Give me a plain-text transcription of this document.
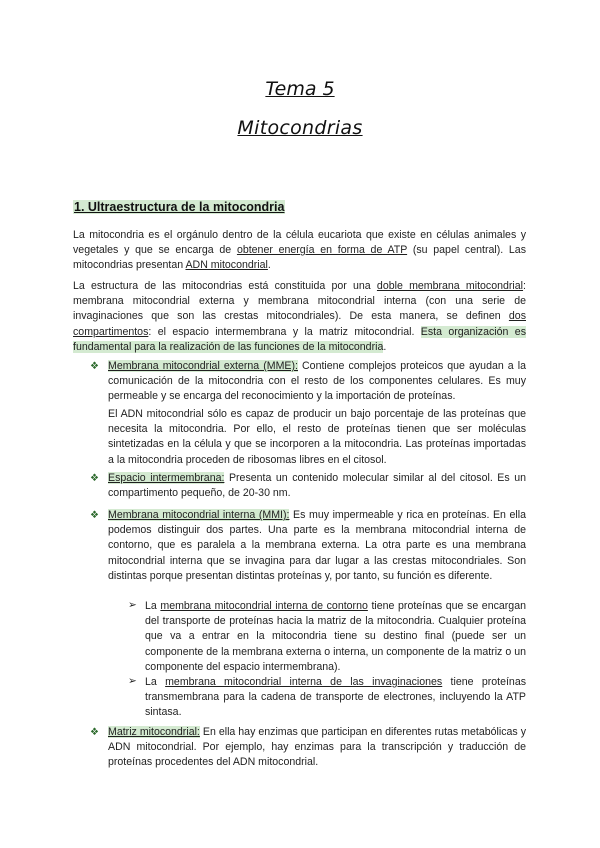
Tema 5
Mitocondrias
1. Ultraestructura de la mitocondria
La mitocondria es el orgánulo dentro de la célula eucariota que existe en células animales y vegetales y que se encarga de obtener energía en forma de ATP (su papel central). Las mitocondrias presentan ADN mitocondrial.
La estructura de las mitocondrias está constituida por una doble membrana mitocondrial: membrana mitocondrial externa y membrana mitocondrial interna (con una serie de invaginaciones que son las crestas mitocondriales). De esta manera, se definen dos compartimentos: el espacio intermembrana y la matriz mitocondrial. Esta organización es fundamental para la realización de las funciones de la mitocondria.
❖ Membrana mitocondrial externa (MME): Contiene complejos proteicos que ayudan a la comunicación de la mitocondria con el resto de los componentes celulares. Es muy permeable y se encarga del reconocimiento y la importación de proteínas.
El ADN mitocondrial sólo es capaz de producir un bajo porcentaje de las proteínas que necesita la mitocondria. Por ello, el resto de proteínas tienen que ser moléculas sintetizadas en la célula y que se incorporen a la mitocondria. Las proteínas importadas a la mitocondria proceden de ribosomas libres en el citosol.
❖ Espacio intermembrana: Presenta un contenido molecular similar al del citosol. Es un compartimento pequeño, de 20-30 nm.
❖ Membrana mitocondrial interna (MMI): Es muy impermeable y rica en proteínas. En ella podemos distinguir dos partes. Una parte es la membrana mitocondrial interna de contorno, que es paralela a la membrana externa. La otra parte es una membrana mitocondrial interna que se invagina para dar lugar a las crestas mitocondriales. Son distintas porque presentan distintas proteínas y, por tanto, su función es diferente.
➢ La membrana mitocondrial interna de contorno tiene proteínas que se encargan del transporte de proteínas hacia la matriz de la mitocondria. Cualquier proteína que va a entrar en la mitocondria tiene su destino final (puede ser un componente de la membrana externa o interna, un componente de la matriz o un componente del espacio intermembrana).
➢ La membrana mitocondrial interna de las invaginaciones tiene proteínas transmembrana para la cadena de transporte de electrones, incluyendo la ATP sintasa.
❖ Matriz mitocondrial: En ella hay enzimas que participan en diferentes rutas metabólicas y ADN mitocondrial. Por ejemplo, hay enzimas para la transcripción y traducción de proteínas procedentes del ADN mitocondrial.
